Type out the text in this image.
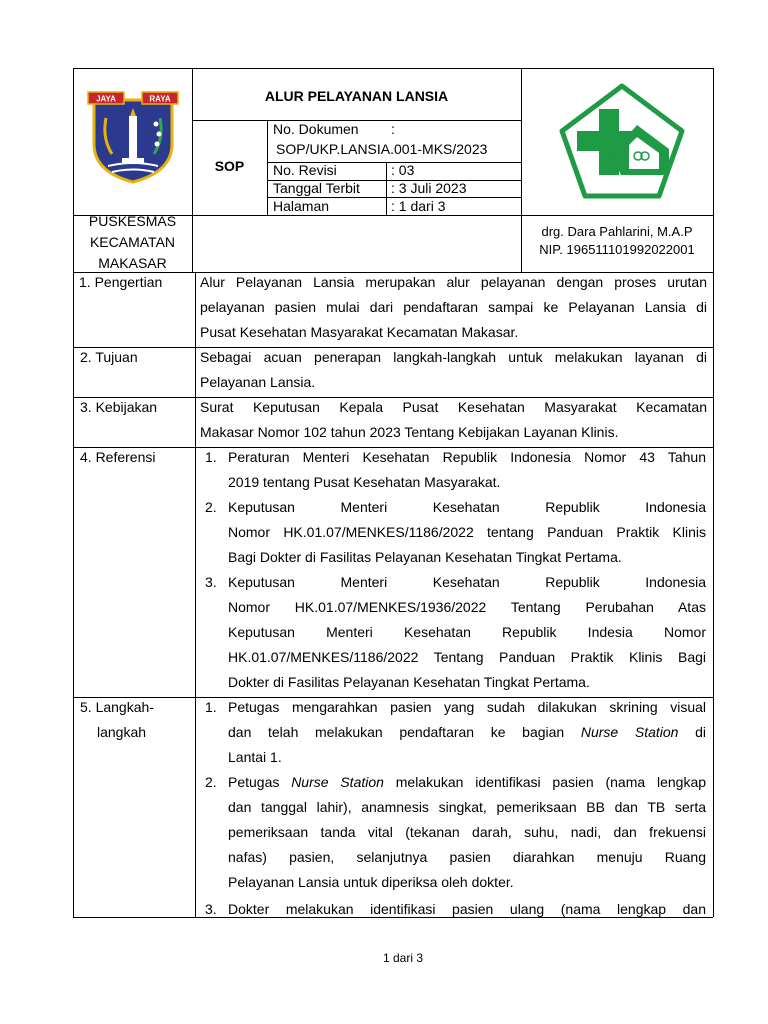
JAYA	RAYA	ALUR PELAYANAN LANSIA
SOP
No. Dokumen :
SOP/UKP.LANSIA.001-MKS/2023
No. Revisi	: 03
Tanggal Terbit : 3 Juli 2023
Halaman	: 1 dari 3
PUSKESMAS
KECAMATAN
MAKASAR
drg. Dara Pahlarini, M.A.P
NIP. 196511101992022001
1. Pengertian	Alur Pelayanan Lansia merupakan alur pelayanan dengan proses urutan
pelayanan pasien mulai dari pendaftaran sampai ke Pelayanan Lansia di
Pusat Kesehatan Masyarakat Kecamatan Makasar.
2. Tujuan	Sebagai acuan penerapan langkah-langkah untuk melakukan layanan di
Pelayanan Lansia.
3. Kebijakan	Surat Keputusan Kepala Pusat Kesehatan Masyarakat Kecamatan
Makasar Nomor 102 tahun 2023 Tentang Kebijakan Layanan Klinis.
4. Referensi	1. Peraturan Menteri Kesehatan Republik Indonesia Nomor 43 Tahun
2019 tentang Pusat Kesehatan Masyarakat.
2. Keputusan Menteri Kesehatan Republik Indonesia
Nomor HK.01.07/MENKES/1186/2022 tentang Panduan Praktik Klinis
Bagi Dokter di Fasilitas Pelayanan Kesehatan Tingkat Pertama.
3. Keputusan Menteri Kesehatan Republik Indonesia
Nomor HK.01.07/MENKES/1936/2022 Tentang Perubahan Atas
Keputusan Menteri Kesehatan Republik Indesia Nomor
HK.01.07/MENKES/1186/2022 Tentang Panduan Praktik Klinis Bagi
Dokter di Fasilitas Pelayanan Kesehatan Tingkat Pertama.
5. Langkah-
langkah
1. Petugas mengarahkan pasien yang sudah dilakukan skrining visual
dan telah melakukan pendaftaran ke bagian Nurse Station di
Lantai 1.
2. Petugas Nurse Station melakukan identifikasi pasien (nama lengkap
dan tanggal lahir), anamnesis singkat, pemeriksaan BB dan TB serta
pemeriksaan tanda vital (tekanan darah, suhu, nadi, dan frekuensi
nafas) pasien, selanjutnya pasien diarahkan menuju Ruang
Pelayanan Lansia untuk diperiksa oleh dokter.
3. Dokter melakukan identifikasi pasien ulang (nama lengkap dan
1 dari 3
